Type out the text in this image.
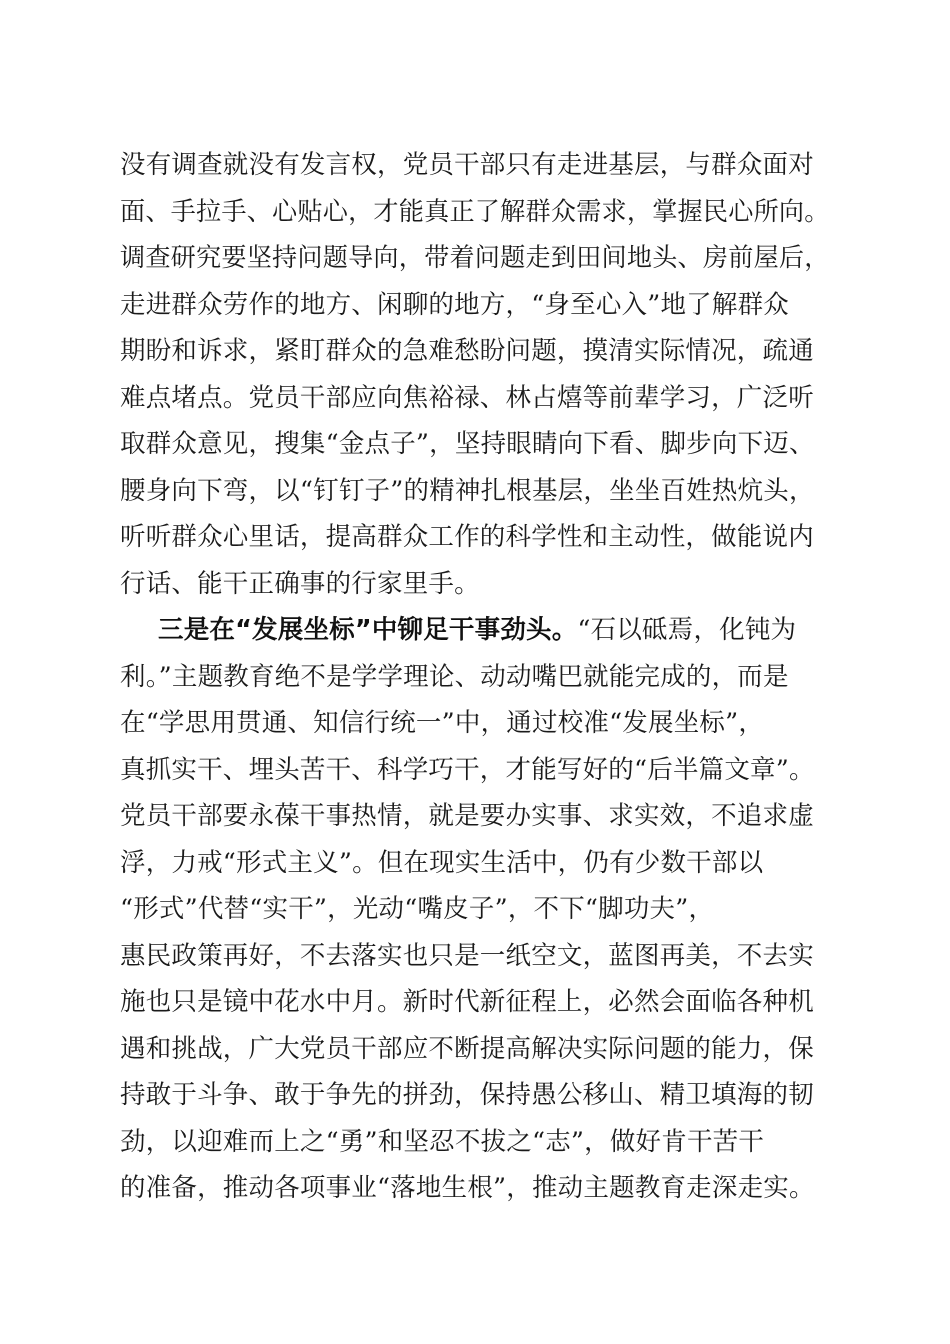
没有调查就没有发言权，党员干部只有走进基层，与群众面对
面、手拉手、心贴心，才能真正了解群众需求，掌握民心所向。
调查研究要坚持问题导向，带着问题走到田间地头、房前屋后，
走进群众劳作的地方、闲聊的地方，“身至心入”地了解群众
期盼和诉求，紧盯群众的急难愁盼问题，摸清实际情况，疏通
难点堵点。党员干部应向焦裕禄、林占熺等前辈学习，广泛听
取群众意见，搜集“金点子”，坚持眼睛向下看、脚步向下迈、
腰身向下弯，以“钉钉子”的精神扎根基层，坐坐百姓热炕头，
听听群众心里话，提高群众工作的科学性和主动性，做能说内
行话、能干正确事的行家里手。
三是在“发展坐标”中铆足干事劲头。“石以砥焉，化钝为
利。”主题教育绝不是学学理论、动动嘴巴就能完成的，而是
在“学思用贯通、知信行统一”中，通过校准“发展坐标”，
真抓实干、埋头苦干、科学巧干，才能写好的“后半篇文章”。
党员干部要永葆干事热情，就是要办实事、求实效，不追求虚
浮，力戒“形式主义”。但在现实生活中，仍有少数干部以
“形式”代替“实干”，光动“嘴皮子”，不下“脚功夫”，
惠民政策再好，不去落实也只是一纸空文，蓝图再美，不去实
施也只是镜中花水中月。新时代新征程上，必然会面临各种机
遇和挑战，广大党员干部应不断提高解决实际问题的能力，保
持敢于斗争、敢于争先的拼劲，保持愚公移山、精卫填海的韧
劲，以迎难而上之“勇”和坚忍不拔之“志”，做好肯干苦干
的准备，推动各项事业“落地生根”，推动主题教育走深走实。
